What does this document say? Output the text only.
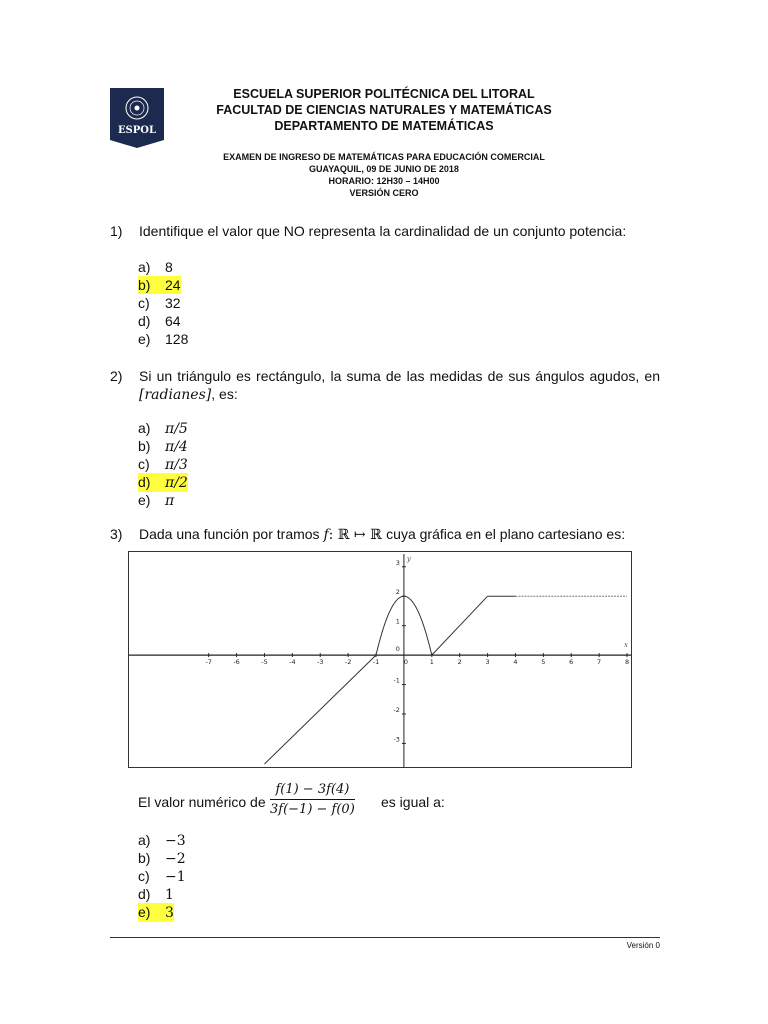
ESPOL
ESCUELA SUPERIOR POLITÉCNICA DEL LITORAL
FACULTAD DE CIENCIAS NATURALES Y MATEMÁTICAS
DEPARTAMENTO DE MATEMÁTICAS
EXAMEN DE INGRESO DE MATEMÁTICAS PARA EDUCACIÓN COMERCIAL
GUAYAQUIL, 09 DE JUNIO DE 2018
HORARIO: 12H30 – 14H00
VERSIÓN CERO
1) Identifique el valor que NO representa la cardinalidad de un conjunto potencia:
a) 8
b) 24
c) 32
d) 64
e) 128
2) Si un triángulo es rectángulo, la suma de las medidas de sus ángulos agudos, en
[radianes], es:
a) π/5
b) π/4
c) π/3
d) π/2
e) π
3) Dada una función por tramos f: ℝ ↦ ℝ cuya gráfica en el plano cartesiano es:
x
y
-7	-6	-5	-4	-3	-2	-1	0	1	2	3	4	5	6	7	8
-3
-2
-1
0
1
2
3
El valor numérico de $\frac{f(1) - 3f(4)}{3f(-1) - f(0)}$ es igual a:
a) −3
b) −2
c) −1
d) 1
e) 3
Versión 0
